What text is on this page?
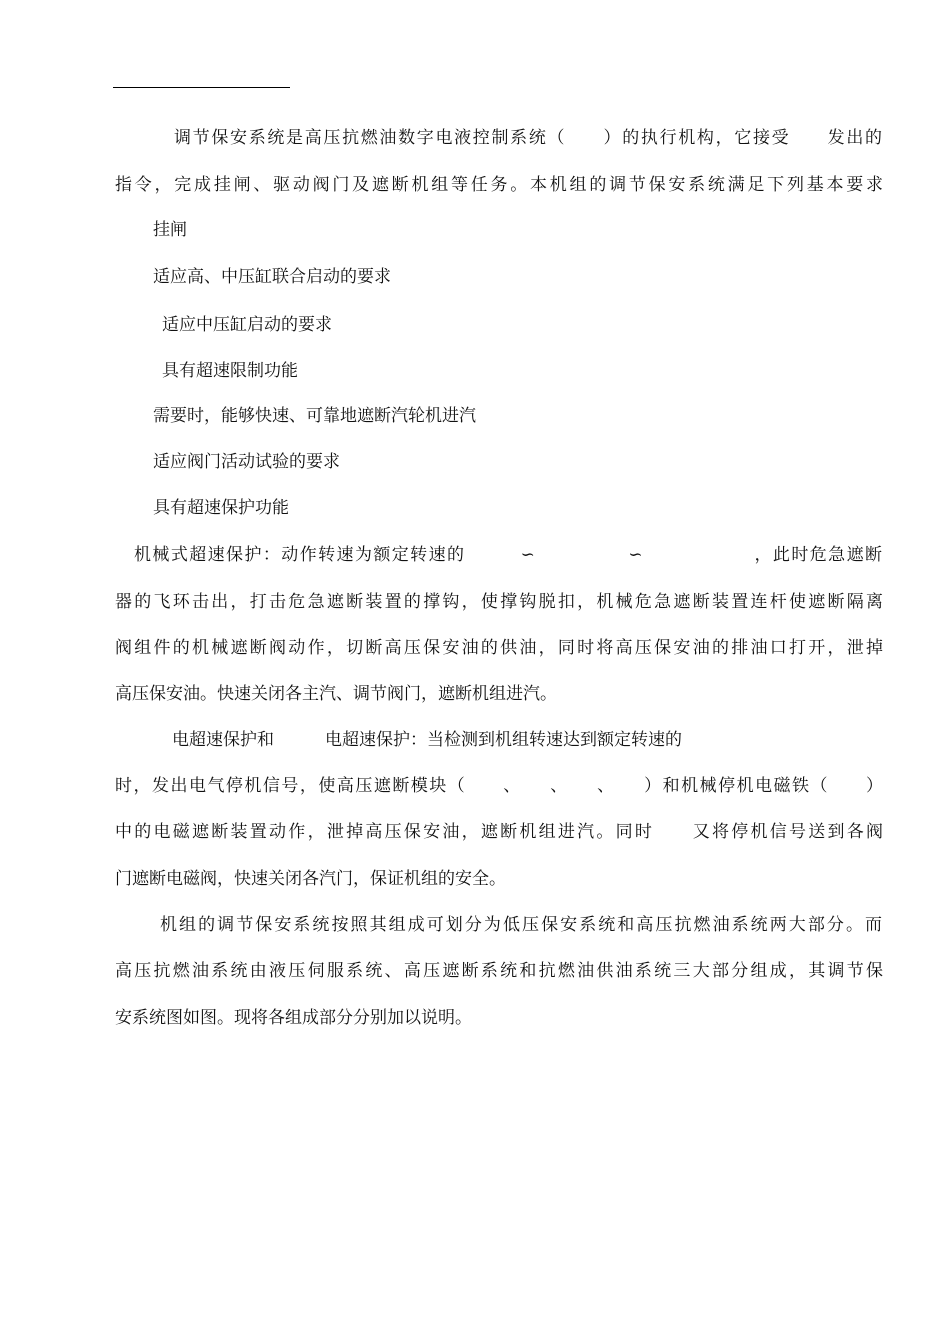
调节保安系统是高压抗燃油数字电液控制系统（　　）的执行机构，它接受　　发出的
指令，完成挂闸、驱动阀门及遮断机组等任务。本机组的调节保安系统满足下列基本要求
挂闸
适应高、中压缸联合启动的要求
适应中压缸启动的要求
具有超速限制功能
需要时，能够快速、可靠地遮断汽轮机进汽
适应阀门活动试验的要求
具有超速保护功能
机械式超速保护：动作转速为额定转速的　　　∽　　　　　∽　　　　　　，此时危急遮断
器的飞环击出，打击危急遮断装置的撑钩，使撑钩脱扣，机械危急遮断装置连杆使遮断隔离
阀组件的机械遮断阀动作，切断高压保安油的供油，同时将高压保安油的排油口打开，泄掉
高压保安油。快速关闭各主汽、调节阀门，遮断机组进汽。
电超速保护和　　　电超速保护：当检测到机组转速达到额定转速的
时，发出电气停机信号，使高压遮断模块（　　、　　、　　、　　）和机械停机电磁铁（　　）
中的电磁遮断装置动作，泄掉高压保安油，遮断机组进汽。同时　　又将停机信号送到各阀
门遮断电磁阀，快速关闭各汽门，保证机组的安全。
机组的调节保安系统按照其组成可划分为低压保安系统和高压抗燃油系统两大部分。而
高压抗燃油系统由液压伺服系统、高压遮断系统和抗燃油供油系统三大部分组成，其调节保
安系统图如图。现将各组成部分分别加以说明。
